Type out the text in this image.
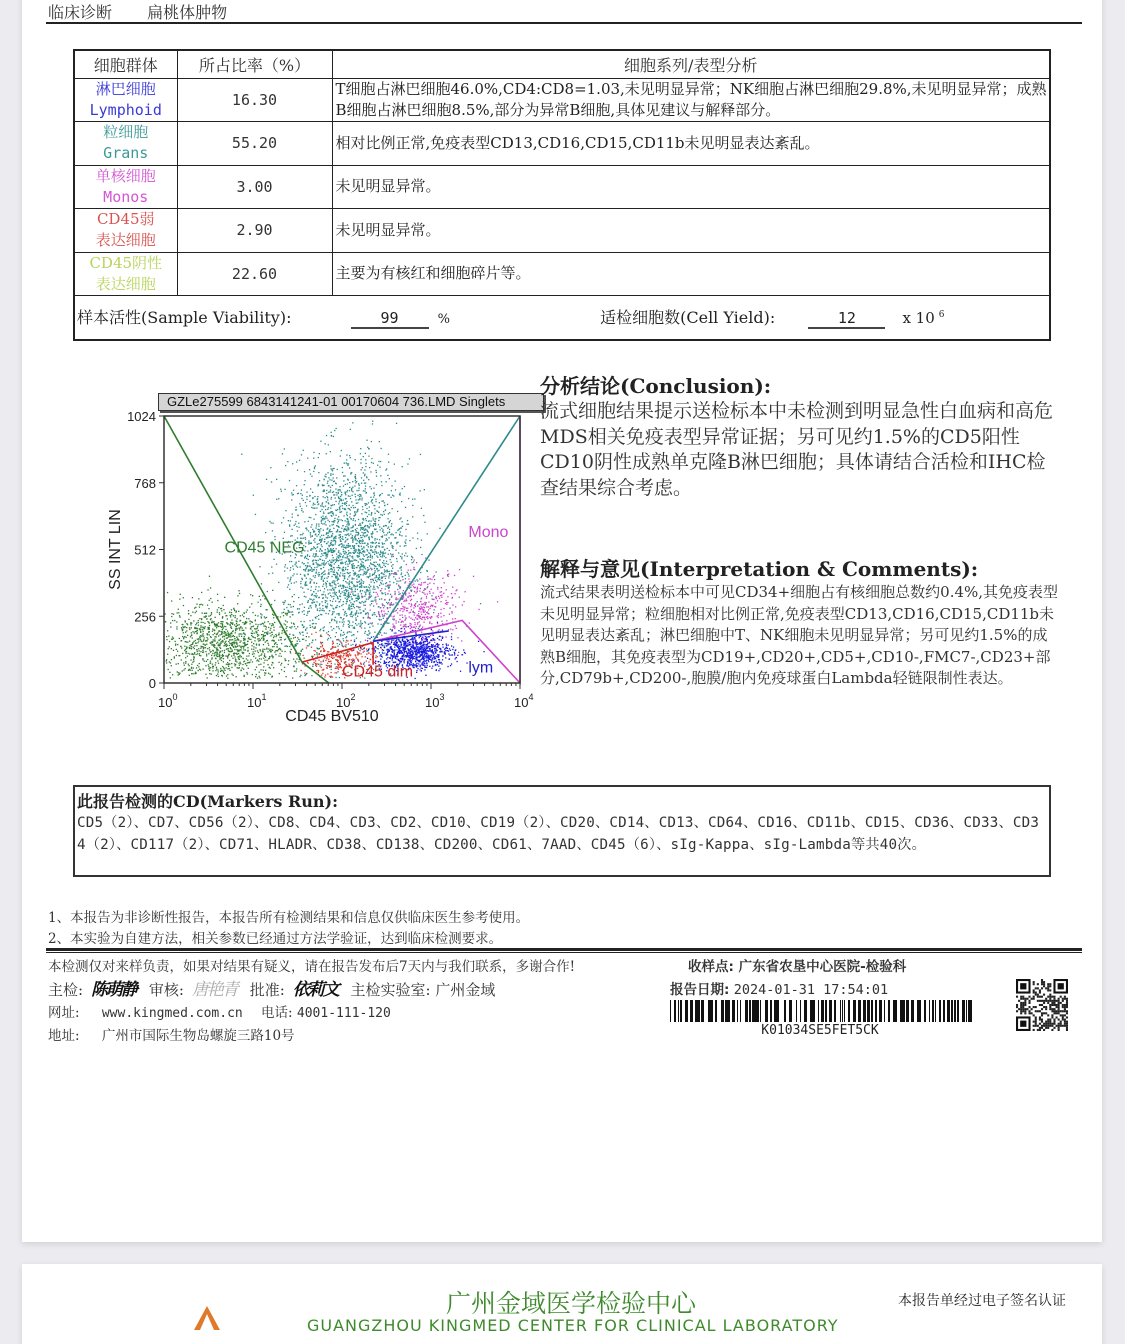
临床诊断 扁桃体肿物
细胞群体	所占比率（%）	细胞系列/表型分析

淋巴细胞
Lymphoid	16.30	T细胞占淋巴细胞46.0%,CD4:CD8=1.03,未见明显异常；NK细胞占淋巴细胞29.8%,未见明显异常；成熟B细胞占淋巴细胞8.5%,部分为异常B细胞,具体见建议与解释部分。

粒细胞
Grans	55.20	相对比例正常,免疫表型CD13,CD16,CD15,CD11b未见明显表达紊乱。

单核细胞
Monos	3.00	未见明显异常。

CD45弱
表达细胞	2.90	未见明显异常。

CD45阴性
表达细胞	22.60	主要为有核红和细胞碎片等。
样本活性(Sample Viability): 99 % 适检细胞数(Cell Yield): 12 x 10 $^6$
GZLe275599 6843141241-01 00170604 736.LMD Singlets
CD45 NEG
Mono
lym
CD45 dim
0
256
512
768
1024
$10^0$	$10^1$	$10^2$	$10^3$	$10^4$
CD45 BV510
SS INT LIN
分析结论(Conclusion):

流式细胞结果提示送检标本中未检测到明显急性白血病和高危MDS相关免疫表型异常证据；另可见约1.5%的CD5阳性CD10阴性成熟单克隆B淋巴细胞；具体请结合活检和IHC检查结果综合考虑。

解释与意见(Interpretation & Comments):

流式结果表明送检标本中可见CD34+细胞占有核细胞总数约0.4%,其免疫表型未见明显异常；粒细胞相对比例正常,免疫表型CD13,CD16,CD15,CD11b未见明显表达紊乱；淋巴细胞中T、NK细胞未见明显异常；另可见约1.5%的成熟B细胞，其免疫表型为CD19+,CD20+,CD5+,CD10-,FMC7-,CD23+部分,CD79b+,CD200-,胞膜/胞内免疫球蛋白Lambda轻链限制性表达。

此报告检测的CD(Markers Run):

CD5（2）、CD7、CD56（2）、CD8、CD4、CD3、CD2、CD10、CD19（2）、CD20、CD14、CD13、CD64、CD16、CD11b、CD15、CD36、CD33、CD34（2）、CD117（2）、CD71、HLADR、CD38、CD138、CD200、CD61、7AAD、CD45（6）、sIg-Kappa、sIg-Lambda等共40次。

1、本报告为非诊断性报告，本报告所有检测结果和信息仅供临床医生参考使用。
2、本实验为自建方法，相关参数已经通过方法学验证，达到临床检测要求。
本检测仅对来样负责，如果对结果有疑义，请在报告发布后7天内与我们联系，多谢合作!
主检: 陈萌静 审核: 唐艳青 批准: 依莉文 主检实验室: 广州金域
网址: www.kingmed.com.cn 电话: 4001-111-120
地址: 广州市国际生物岛螺旋三路10号
收样点: 广东省农垦中心医院-检验科
报告日期: 2024-01-31 17:54:01
K01034SE5FET5CK
广州金域医学检验中心
GUANGZHOU KINGMED CENTER FOR CLINICAL LABORATORY
本报告单经过电子签名认证
